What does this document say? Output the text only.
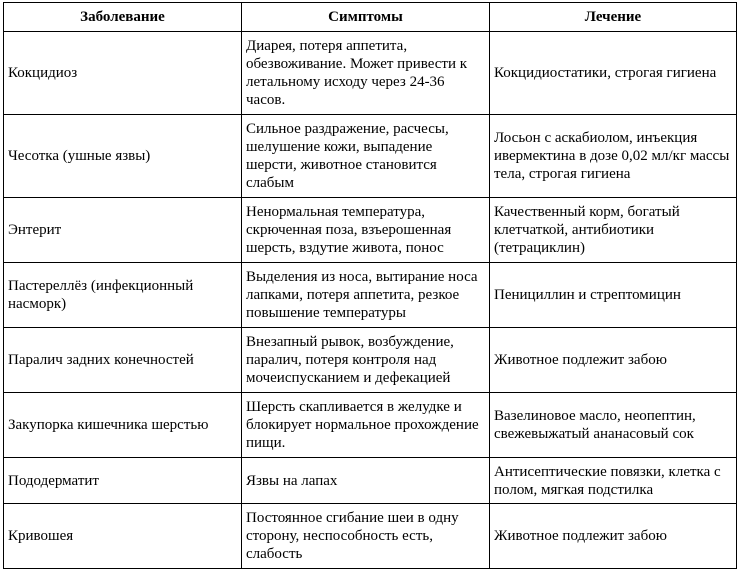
Заболевание	Симптомы	Лечение
Кокцидиоз	Диарея, потеря аппетита, обезвоживание. Может привести к летальному исходу через 24-36 часов.	Кокцидиостатики, строгая гигиена
Чесотка (ушные язвы)	Сильное раздражение, расчесы, шелушение кожи, выпадение шерсти, животное становится слабым	Лосьон с аскабиолом, инъекция ивермектина в дозе 0,02 мл/кг массы тела, строгая гигиена
Энтерит	Ненормальная температура, скрюченная поза, взъерошенная шерсть, вздутие живота, понос	Качественный корм, богатый клетчаткой, антибиотики (тетрациклин)
Пастереллёз (инфекционный насморк)	Выделения из носа, вытирание носа лапками, потеря аппетита, резкое повышение температуры	Пенициллин и стрептомицин
Паралич задних конечностей	Внезапный рывок, возбуждение, паралич, потеря контроля над мочеиспусканием и дефекацией	Животное подлежит забою
Закупорка кишечника шерстью	Шерсть скапливается в желудке и блокирует нормальное прохождение пищи.	Вазелиновое масло, неопептин, свежевыжатый ананасовый сок
Пододерматит	Язвы на лапах	Антисептические повязки, клетка с полом, мягкая подстилка
Кривошея	Постоянное сгибание шеи в одну сторону, неспособность есть, слабость	Животное подлежит забою
